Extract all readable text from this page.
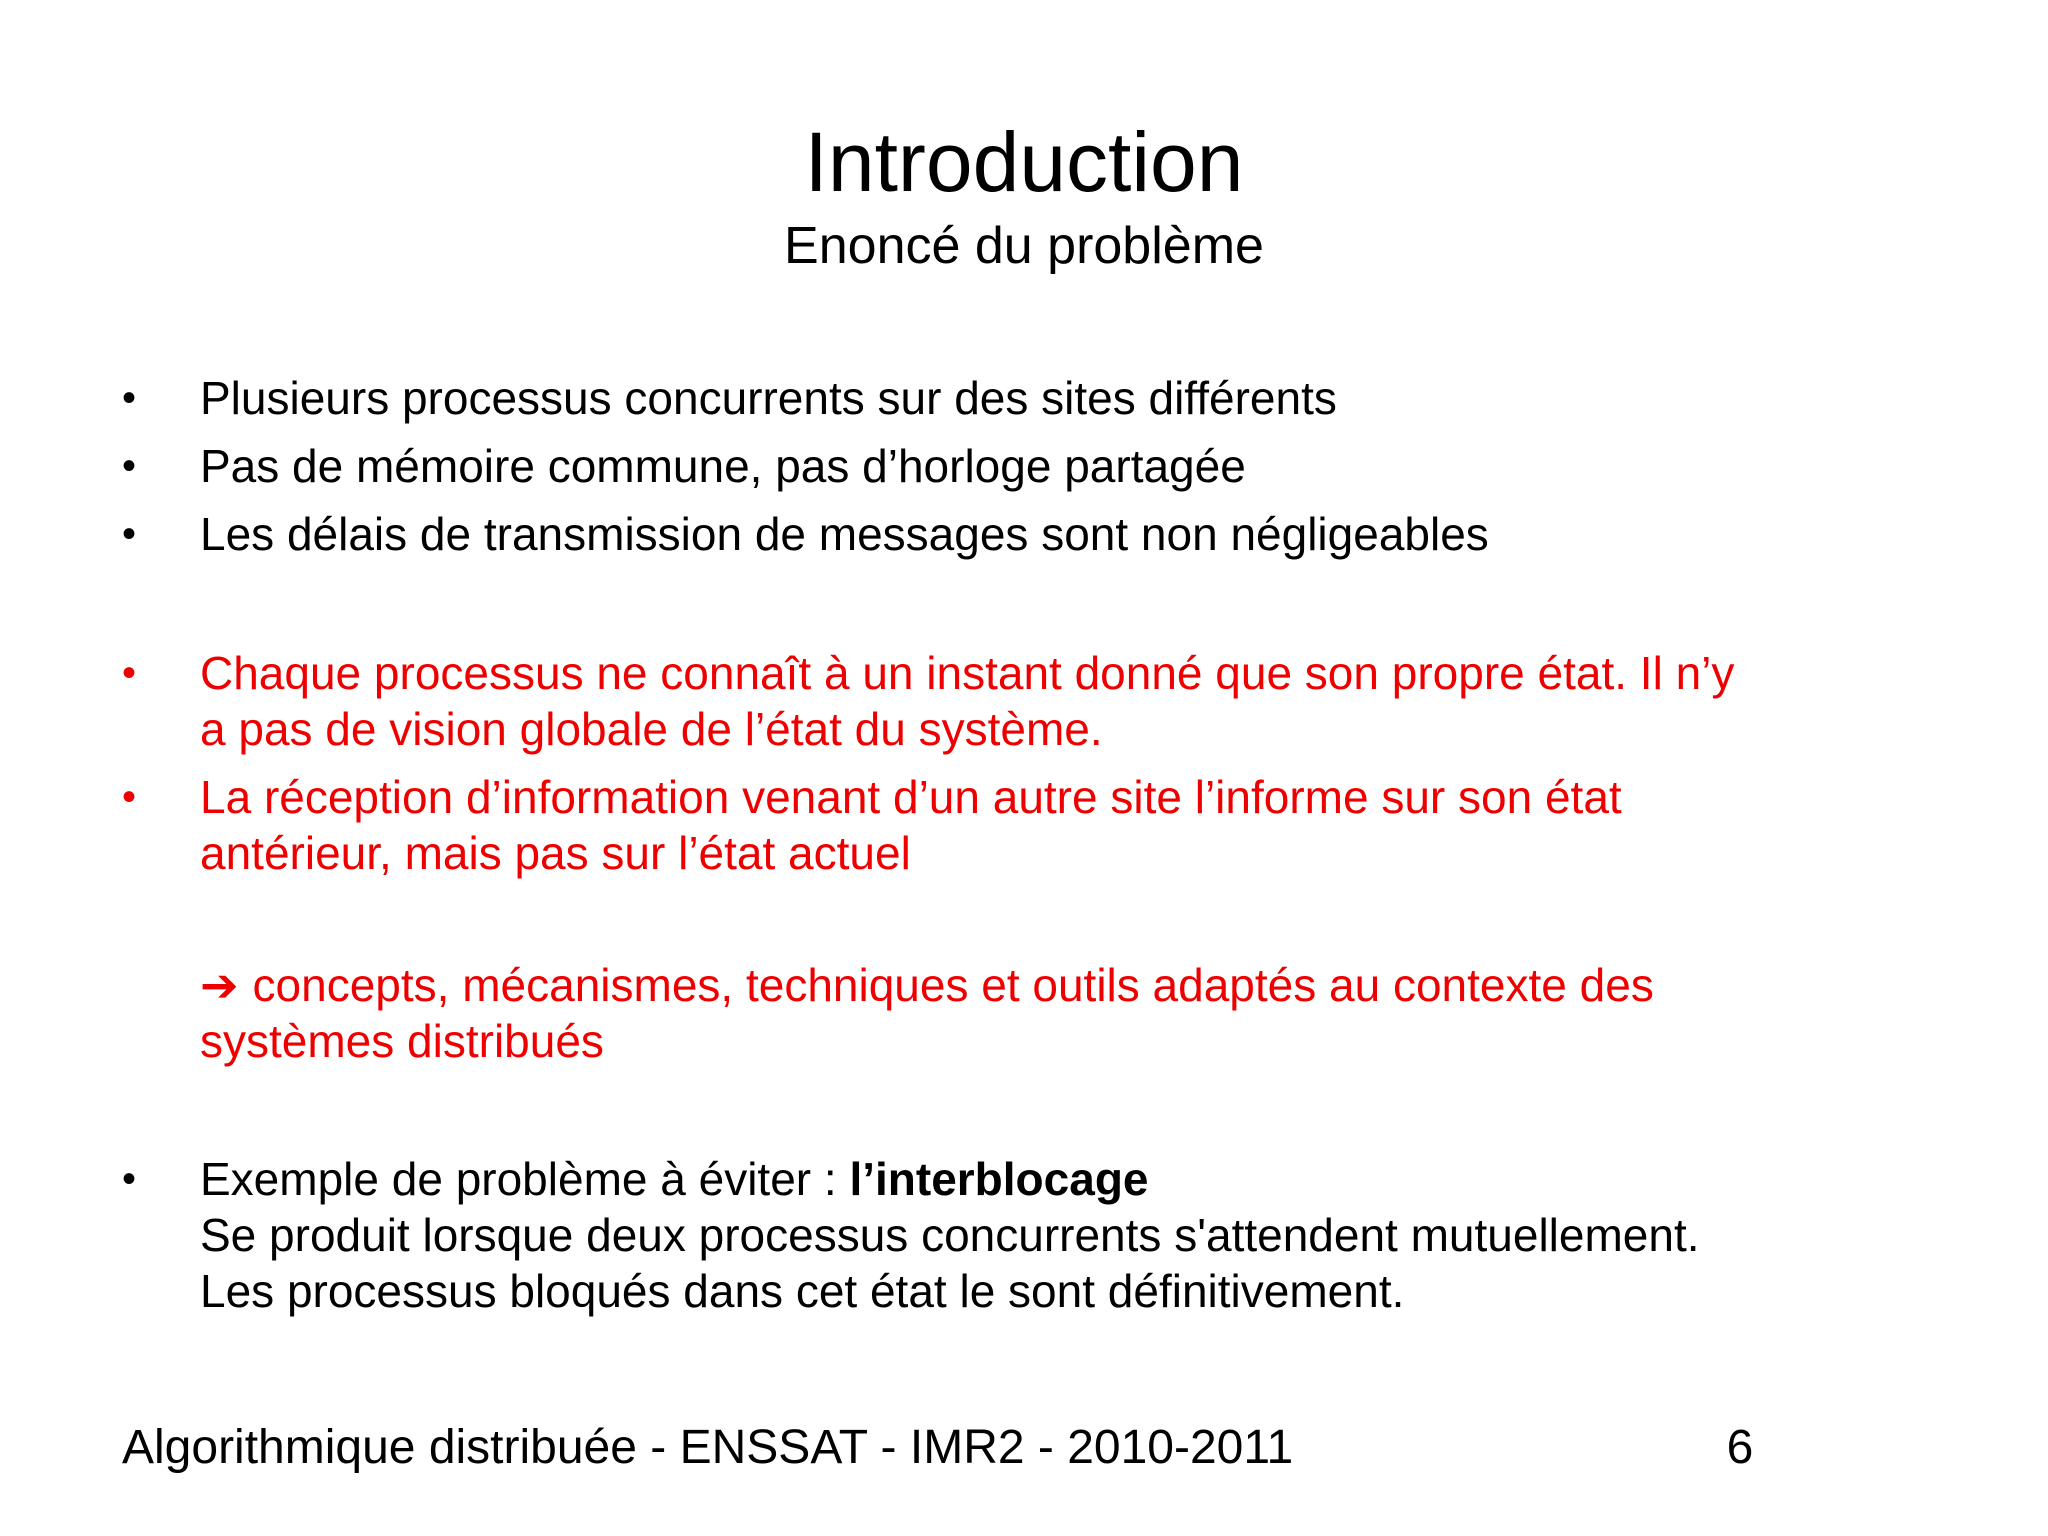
Introduction
Enoncé du problème
• Plusieurs processus concurrents sur des sites différents
• Pas de mémoire commune, pas d’horloge partagée
• Les délais de transmission de messages sont non négligeables
• Chaque processus ne connaît à un instant donné que son propre état. Il n’y
a pas de vision globale de l’état du système.
• La réception d’information venant d’un autre site l’informe sur son état
antérieur, mais pas sur l’état actuel
➔ concepts, mécanismes, techniques et outils adaptés au contexte des
systèmes distribués
• Exemple de problème à éviter : l’interblocage
Se produit lorsque deux processus concurrents s'attendent mutuellement.
Les processus bloqués dans cet état le sont définitivement.
Algorithmique distribuée - ENSSAT - IMR2 - 2010-2011	6
